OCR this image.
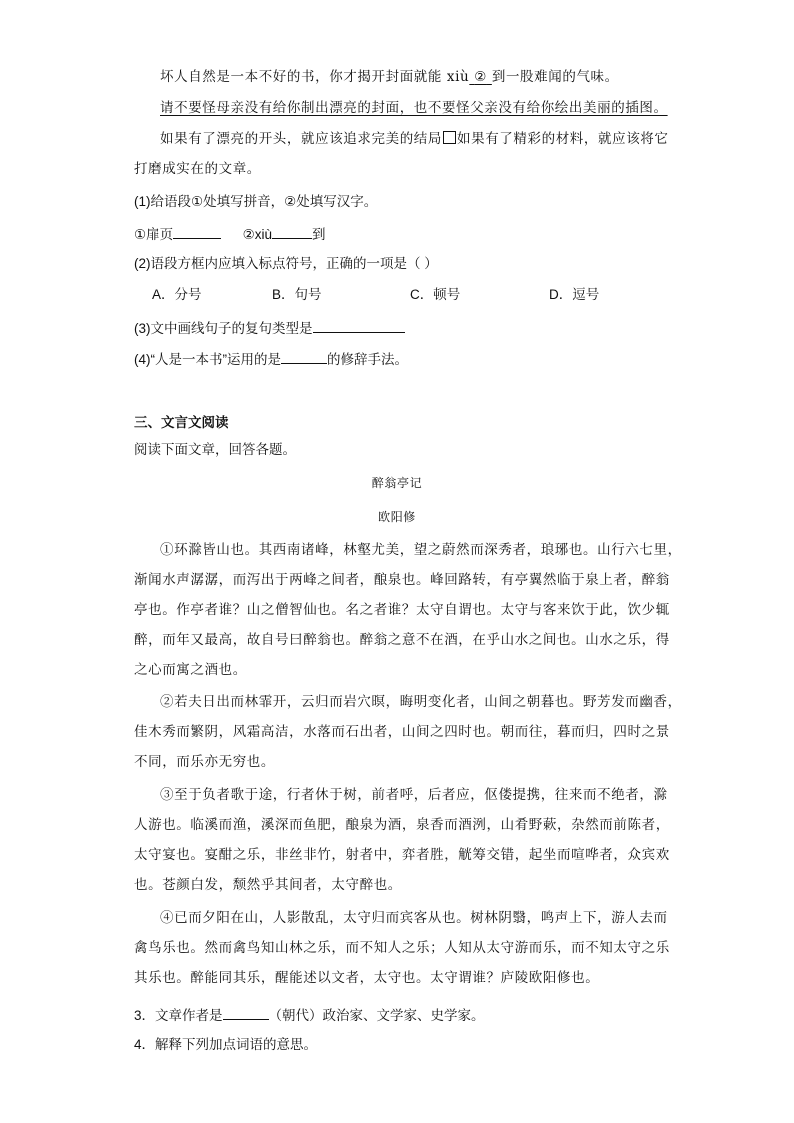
坏人自然是一本不好的书，你才揭开封面就能 xiù ② 到一股难闻的气味。
请不要怪母亲没有给你制出漂亮的封面，也不要怪父亲没有给你绘出美丽的插图。
如果有了漂亮的开头，就应该追求完美的结局 如果有了精彩的材料，就应该将它
打磨成实在的文章。
(1)给语段①处填写拼音，②处填写汉字。
①扉页	②xiù	到
(2)语段方框内应填入标点符号，正确的一项是（ ）
A．分号	B．句号	C．顿号	D．逗号
(3)文中画线句子的复句类型是
(4)“人是一本书”运用的是	的修辞手法。
三、文言文阅读
阅读下面文章，回答各题。
醉翁亭记
欧阳修
①环滁皆山也。其西南诸峰，林壑尤美，望之蔚然而深秀者，琅琊也。山行六七里，
渐闻水声潺潺，而泻出于两峰之间者，酿泉也。峰回路转，有亭翼然临于泉上者，醉翁
亭也。作亭者谁？山之僧智仙也。名之者谁？太守自谓也。太守与客来饮于此，饮少辄
醉，而年又最高，故自号曰醉翁也。醉翁之意不在酒，在乎山水之间也。山水之乐，得
之心而寓之酒也。
②若夫日出而林霏开，云归而岩穴暝，晦明变化者，山间之朝暮也。野芳发而幽香，
佳木秀而繁阴，风霜高洁，水落而石出者，山间之四时也。朝而往，暮而归，四时之景
不同，而乐亦无穷也。
③至于负者歌于途，行者休于树，前者呼，后者应，伛偻提携，往来而不绝者，滁
人游也。临溪而渔，溪深而鱼肥，酿泉为酒，泉香而酒洌，山肴野蔌，杂然而前陈者，
太守宴也。宴酣之乐，非丝非竹，射者中，弈者胜，觥筹交错，起坐而喧哗者，众宾欢
也。苍颜白发，颓然乎其间者，太守醉也。
④已而夕阳在山，人影散乱，太守归而宾客从也。树林阴翳，鸣声上下，游人去而
禽鸟乐也。然而禽鸟知山林之乐，而不知人之乐；人知从太守游而乐，而不知太守之乐
其乐也。醉能同其乐，醒能述以文者，太守也。太守谓谁？庐陵欧阳修也。
3．文章作者是	（朝代）政治家、文学家、史学家。
4．解释下列加点词语的意思。
